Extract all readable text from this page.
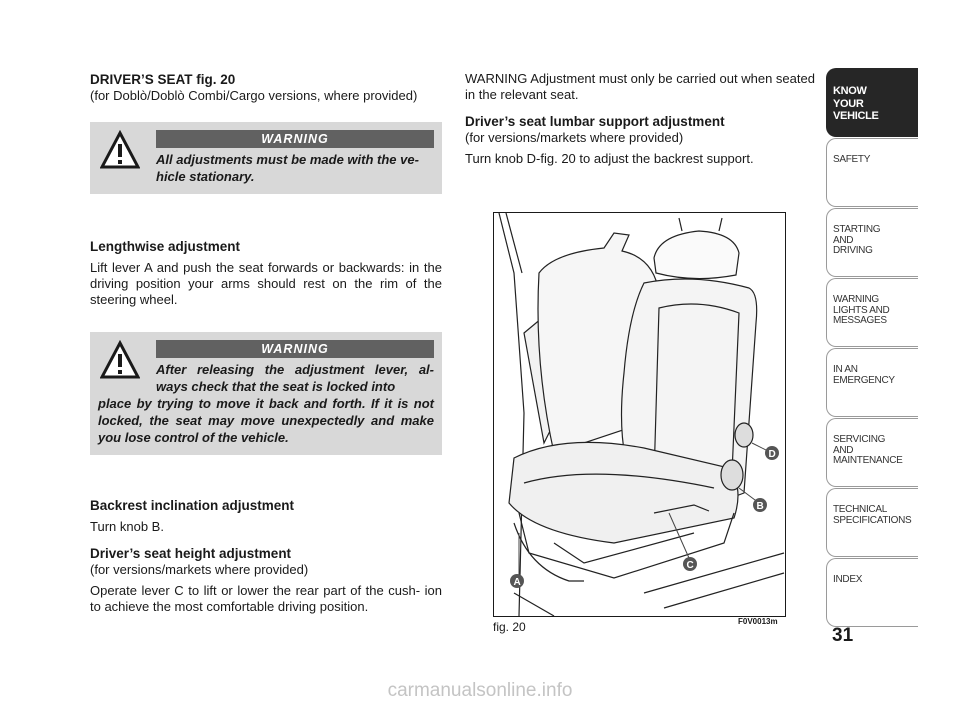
DRIVER’S SEAT fig. 20

(for Doblò/Doblò Combi/Cargo versions, where provided)

WARNING
All adjustments must be made with the ve- hicle stationary.
Lengthwise adjustment

Lift lever A and push the seat forwards or backwards: in the driving position your arms should rest on the rim of the steering wheel.

WARNING
After releasing the adjustment lever, al- ways check that the seat is locked into
place by trying to move it back and forth. If it is not locked, the seat may move unexpectedly and make you lose control of the vehicle.
Backrest inclination adjustment

Turn knob B.

Driver’s seat height adjustment

(for versions/markets where provided)

Operate lever C to lift or lower the rear part of the cush- ion to achieve the most comfortable driving position.

WARNING Adjustment must only be carried out when seated in the relevant seat.

Driver’s seat lumbar support adjustment

(for versions/markets where provided)

Turn knob D-fig. 20 to adjust the backrest support.

A
D
B
C
fig. 20	F0V0013m
KNOW
YOUR
VEHICLE
SAFETY
STARTING
AND
DRIVING
WARNING
LIGHTS AND
MESSAGES
IN AN
EMERGENCY
SERVICING
AND
MAINTENANCE
TECHNICAL
SPECIFICATIONS
INDEX
31
carmanualsonline.info
